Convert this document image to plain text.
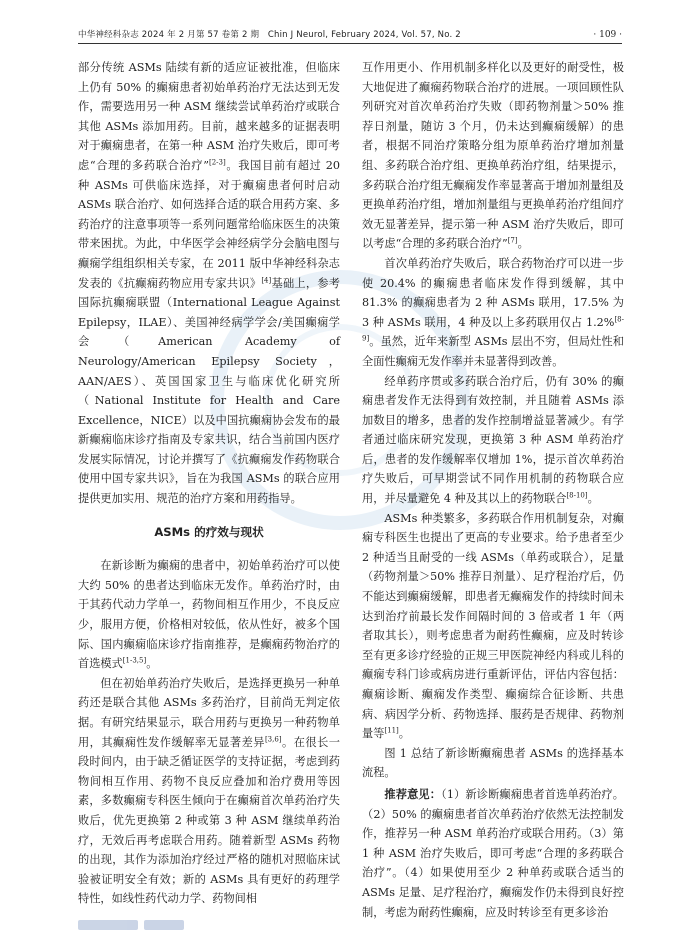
中华神经科杂志 2024 年 2 月第 57 卷第 2 期　Chin J Neurol, February 2024, Vol. 57, No. 2	· 109 ·

部分传统 ASMs 陆续有新的适应证被批准，但临床上仍有 50% 的癫痫患者初始单药治疗无法达到无发作，需要选用另一种 ASM 继续尝试单药治疗或联合其他 ASMs 添加用药。目前，越来越多的证据表明对于癫痫患者，在第一种 ASM 治疗失败后，即可考虑“合理的多药联合治疗”[2-3]。我国目前有超过 20 种 ASMs 可供临床选择，对于癫痫患者何时启动 ASMs 联合治疗、如何选择合适的联合用药方案、多药治疗的注意事项等一系列问题常给临床医生的决策带来困扰。为此，中华医学会神经病学分会脑电图与癫痫学组组织相关专家，在 2011 版中华神经科杂志发表的《抗癫痫药物应用专家共识》[4]基础上，参考国际抗癫痫联盟（International League Against Epilepsy，ILAE）、美国神经病学学会/美国癫痫学会（American Academy of Neurology/American Epilepsy Society，AAN/AES）、英国国家卫生与临床优化研究所（National Institute for Health and Care Excellence，NICE）以及中国抗癫痫协会发布的最新癫痫临床诊疗指南及专家共识，结合当前国内医疗发展实际情况，讨论并撰写了《抗癫痫发作药物联合使用中国专家共识》，旨在为我国 ASMs 的联合应用提供更加实用、规范的治疗方案和用药指导。

ASMs 的疗效与现状

在新诊断为癫痫的患者中，初始单药治疗可以使大约 50% 的患者达到临床无发作。单药治疗时，由于其药代动力学单一，药物间相互作用少，不良反应少，服用方便，价格相对较低，依从性好，被多个国际、国内癫痫临床诊疗指南推荐，是癫痫药物治疗的首选模式[1-3,5]。

但在初始单药治疗失败后，是选择更换另一种单药还是联合其他 ASMs 多药治疗，目前尚无判定依据。有研究结果显示，联合用药与更换另一种药物单用，其癫痫性发作缓解率无显著差异[3,6]。在很长一段时间内，由于缺乏循证医学的支持证据，考虑到药物间相互作用、药物不良反应叠加和治疗费用等因素，多数癫痫专科医生倾向于在癫痫首次单药治疗失败后，优先更换第 2 种或第 3 种 ASM 继续单药治疗，无效后再考虑联合用药。随着新型 ASMs 药物的出现，其作为添加治疗经过严格的随机对照临床试验被证明安全有效；新的 ASMs 具有更好的药理学特性，如线性药代动力学、药物间相

互作用更小、作用机制多样化以及更好的耐受性，极大地促进了癫痫药物联合治疗的进展。一项回顾性队列研究对首次单药治疗失败（即药物剂量＞50% 推荐日剂量，随访 3 个月，仍未达到癫痫缓解）的患者，根据不同治疗策略分组为原单药治疗增加剂量组、多药联合治疗组、更换单药治疗组，结果提示，多药联合治疗组无癫痫发作率显著高于增加剂量组及更换单药治疗组，增加剂量组与更换单药治疗组间疗效无显著差异，提示第一种 ASM 治疗失败后，即可以考虑“合理的多药联合治疗”[7]。

首次单药治疗失败后，联合药物治疗可以进一步使 20.4% 的癫痫患者临床发作得到缓解，其中 81.3% 的癫痫患者为 2 种 ASMs 联用，17.5% 为 3 种 ASMs 联用，4 种及以上多药联用仅占 1.2%[8-9]。虽然，近年来新型 ASMs 层出不穷，但局灶性和全面性癫痫无发作率并未显著得到改善。

经单药序贯或多药联合治疗后，仍有 30% 的癫痫患者发作无法得到有效控制，并且随着 ASMs 添加数目的增多，患者的发作控制增益显著减少。有学者通过临床研究发现，更换第 3 种 ASM 单药治疗后，患者的发作缓解率仅增加 1%，提示首次单药治疗失败后，可早期尝试不同作用机制的药物联合应用，并尽量避免 4 种及其以上的药物联合[8-10]。

ASMs 种类繁多，多药联合作用机制复杂，对癫痫专科医生也提出了更高的专业要求。给予患者至少 2 种适当且耐受的一线 ASMs（单药或联合），足量（药物剂量＞50% 推荐日剂量）、足疗程治疗后，仍不能达到癫痫缓解，即患者无癫痫发作的持续时间未达到治疗前最长发作间隔时间的 3 倍或者 1 年（两者取其长），则考虑患者为耐药性癫痫，应及时转诊至有更多诊疗经验的正规三甲医院神经内科或儿科的癫痫专科门诊或病房进行重新评估，评估内容包括：癫痫诊断、癫痫发作类型、癫痫综合征诊断、共患病、病因学分析、药物选择、服药是否规律、药物剂量等[11]。

图 1 总结了新诊断癫痫患者 ASMs 的选择基本流程。

推荐意见：（1）新诊断癫痫患者首选单药治疗。（2）50% 的癫痫患者首次单药治疗依然无法控制发作，推荐另一种 ASM 单药治疗或联合用药。（3）第 1 种 ASM 治疗失败后，即可考虑“合理的多药联合治疗”。（4）如果使用至少 2 种单药或联合适当的 ASMs 足量、足疗程治疗，癫痫发作仍未得到良好控制，考虑为耐药性癫痫，应及时转诊至有更多诊治
